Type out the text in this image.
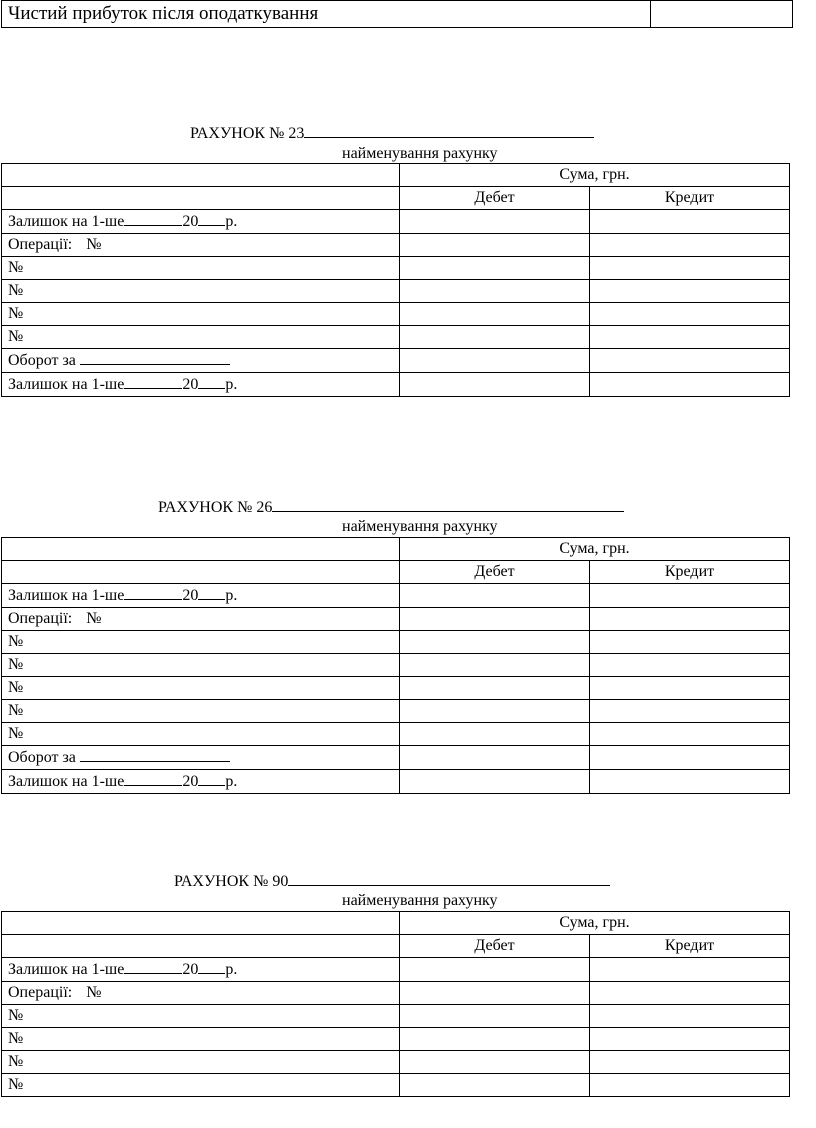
Чистий прибуток після оподаткування	
РАХУНОК № 23
найменування рахунку
	Сума, грн.	
	Дебет	Кредит
Залишок на 1-ше 20 р.		
Операції: №		
№		
№		
№		
№		
Оборот за		
Залишок на 1-ше 20 р.		
РАХУНОК № 26
найменування рахунку
	Сума, грн.	
	Дебет	Кредит
Залишок на 1-ше 20 р.		
Операції: №		
№		
№		
№		
№		
№		
Оборот за		
Залишок на 1-ше 20 р.		
РАХУНОК № 90
найменування рахунку
	Сума, грн.	
	Дебет	Кредит
Залишок на 1-ше 20 р.		
Операції: №		
№		
№		
№		
№		
